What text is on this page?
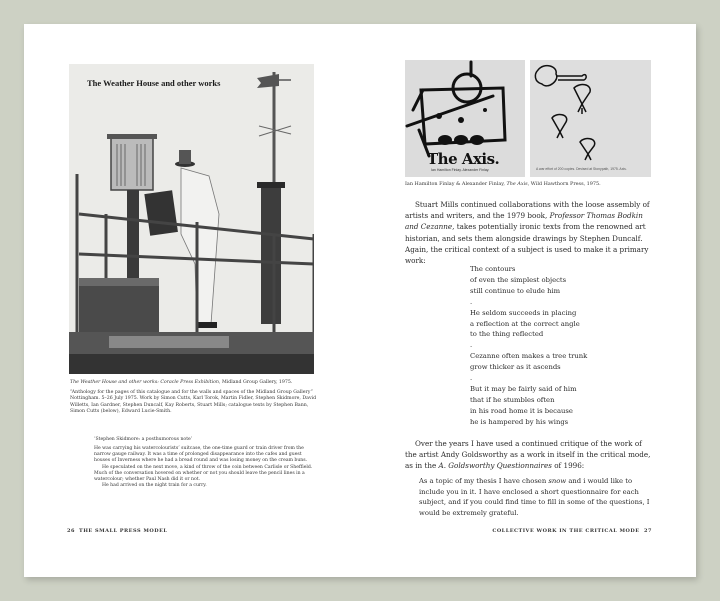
The Weather House and other works
The Weather House and other works: Coracle Press Exhibition, Midland Group Gallery, 1975.
“Anthology for the pages of this catalogue and for the walls and spaces of the Midland Group Gallery” Nottingham. 5–26 July 1975. Work by Simon Cutts, Karl Torok, Martin Fidler, Stephen Skidmore, David Willetts, Ian Gardner, Stephen Duncalf, Kay Roberts, Stuart Mills; catalogue texts by Stephen Bann, Simon Cutts (below), Edward Lucie-Smith.
‘Stephen Skidmore: a posthumorous note’

He was carrying his watercolourists’ suitcase, the one-time guard or train driver from the narrow gauge railway. It was a time of prolonged disappearance into the cafes and guest houses of Inverness where he had a bread round and was losing money on the cream buns.

He speculated on the next move, a kind of throw of the coin between Carlisle or Sheffield. Much of the conversation hovered on whether or not you should leave the pencil lines in a watercolour; whether Paul Nash did it or not.

He had arrived on the night train for a curry.

26 THE SMALL PRESS MODEL
The Axis.
Ian Hamilton Finlay. Alexander Finlay.	A war effort of 200 copies. Devised at Stonypath, 1975. Axis.
Ian Hamilton Finlay & Alexander Finlay, The Axis, Wild Hawthorn Press, 1975.

Stuart Mills continued collaborations with the loose assembly of artists and writers, and the 1979 book, Professor Thomas Bodkin and Cezanne, takes potentially ironic texts from the renowned art historian, and sets them alongside drawings by Stephen Duncalf. Again, the critical context of a subject is used to make it a primary work:

The contours
of even the simplest objects
still continue to elude him
.
He seldom succeeds in placing
a reflection at the correct angle
to the thing reflected
.
Cezanne often makes a tree trunk
grow thicker as it ascends
.
But it may be fairly said of him
that if he stumbles often
in his road home it is because
he is hampered by his wings

Over the years I have used a continued critique of the work of the artist Andy Goldsworthy as a work in itself in the critical mode, as in the A. Goldsworthy Questionnaires of 1996:

As a topic of my thesis I have chosen snow and i would like to include you in it. I have enclosed a short questionnaire for each subject, and if you could find time to fill in some of the questions, I would be extremely grateful.
COLLECTIVE WORK IN THE CRITICAL MODE 27
